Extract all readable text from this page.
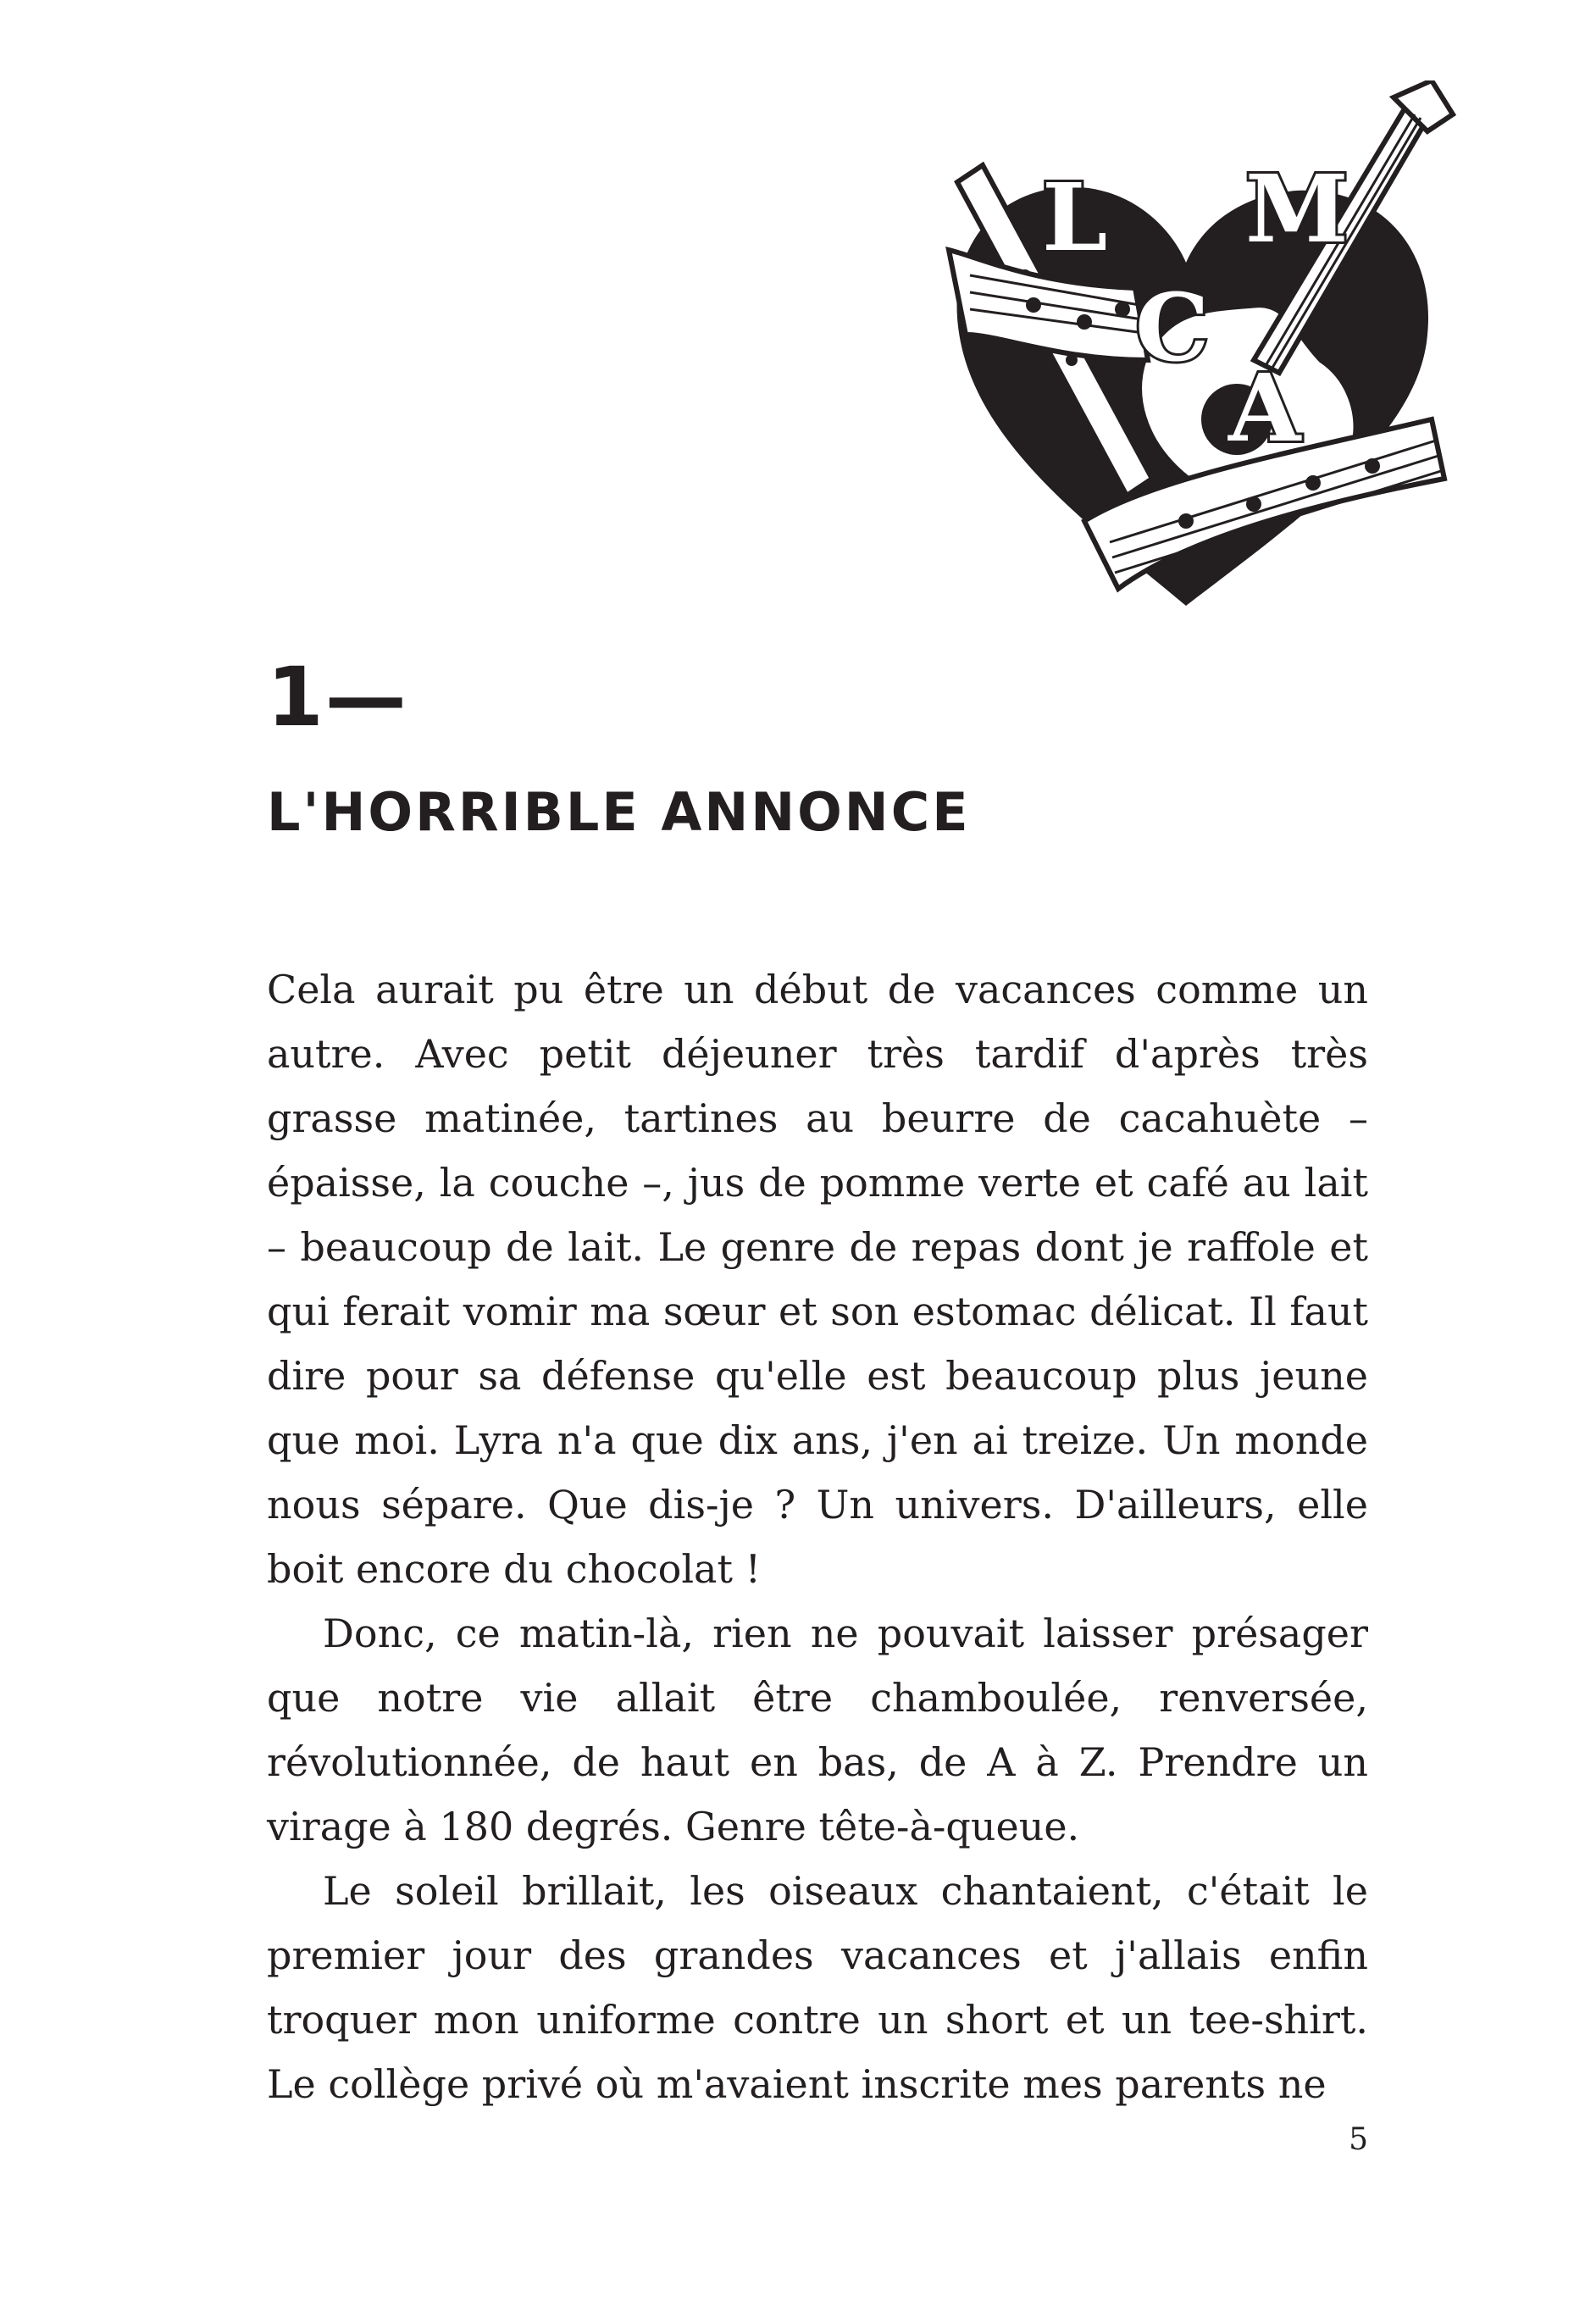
L M
C
A
1—
L'HORRIBLE ANNONCE

Cela aurait pu être un début de vacances comme un autre. Avec petit déjeuner très tardif d'après très grasse matinée, tartines au beurre de cacahuète – épaisse, la couche –, jus de pomme verte et café au lait – beaucoup de lait. Le genre de repas dont je raffole et qui ferait vomir ma sœur et son estomac délicat. Il faut dire pour sa défense qu'elle est beaucoup plus jeune que moi. Lyra n'a que dix ans, j'en ai treize. Un monde nous sépare. Que dis-je ? Un univers. D'ailleurs, elle boit encore du chocolat !

Donc, ce matin-là, rien ne pouvait laisser présager que notre vie allait être chamboulée, renversée, révolutionnée, de haut en bas, de A à Z. Prendre un virage à 180 degrés. Genre tête-à-queue.

Le soleil brillait, les oiseaux chantaient, c'était le premier jour des grandes vacances et j'allais enfin troquer mon uniforme contre un short et un tee-shirt. Le collège privé où m'avaient inscrite mes parents ne

5
